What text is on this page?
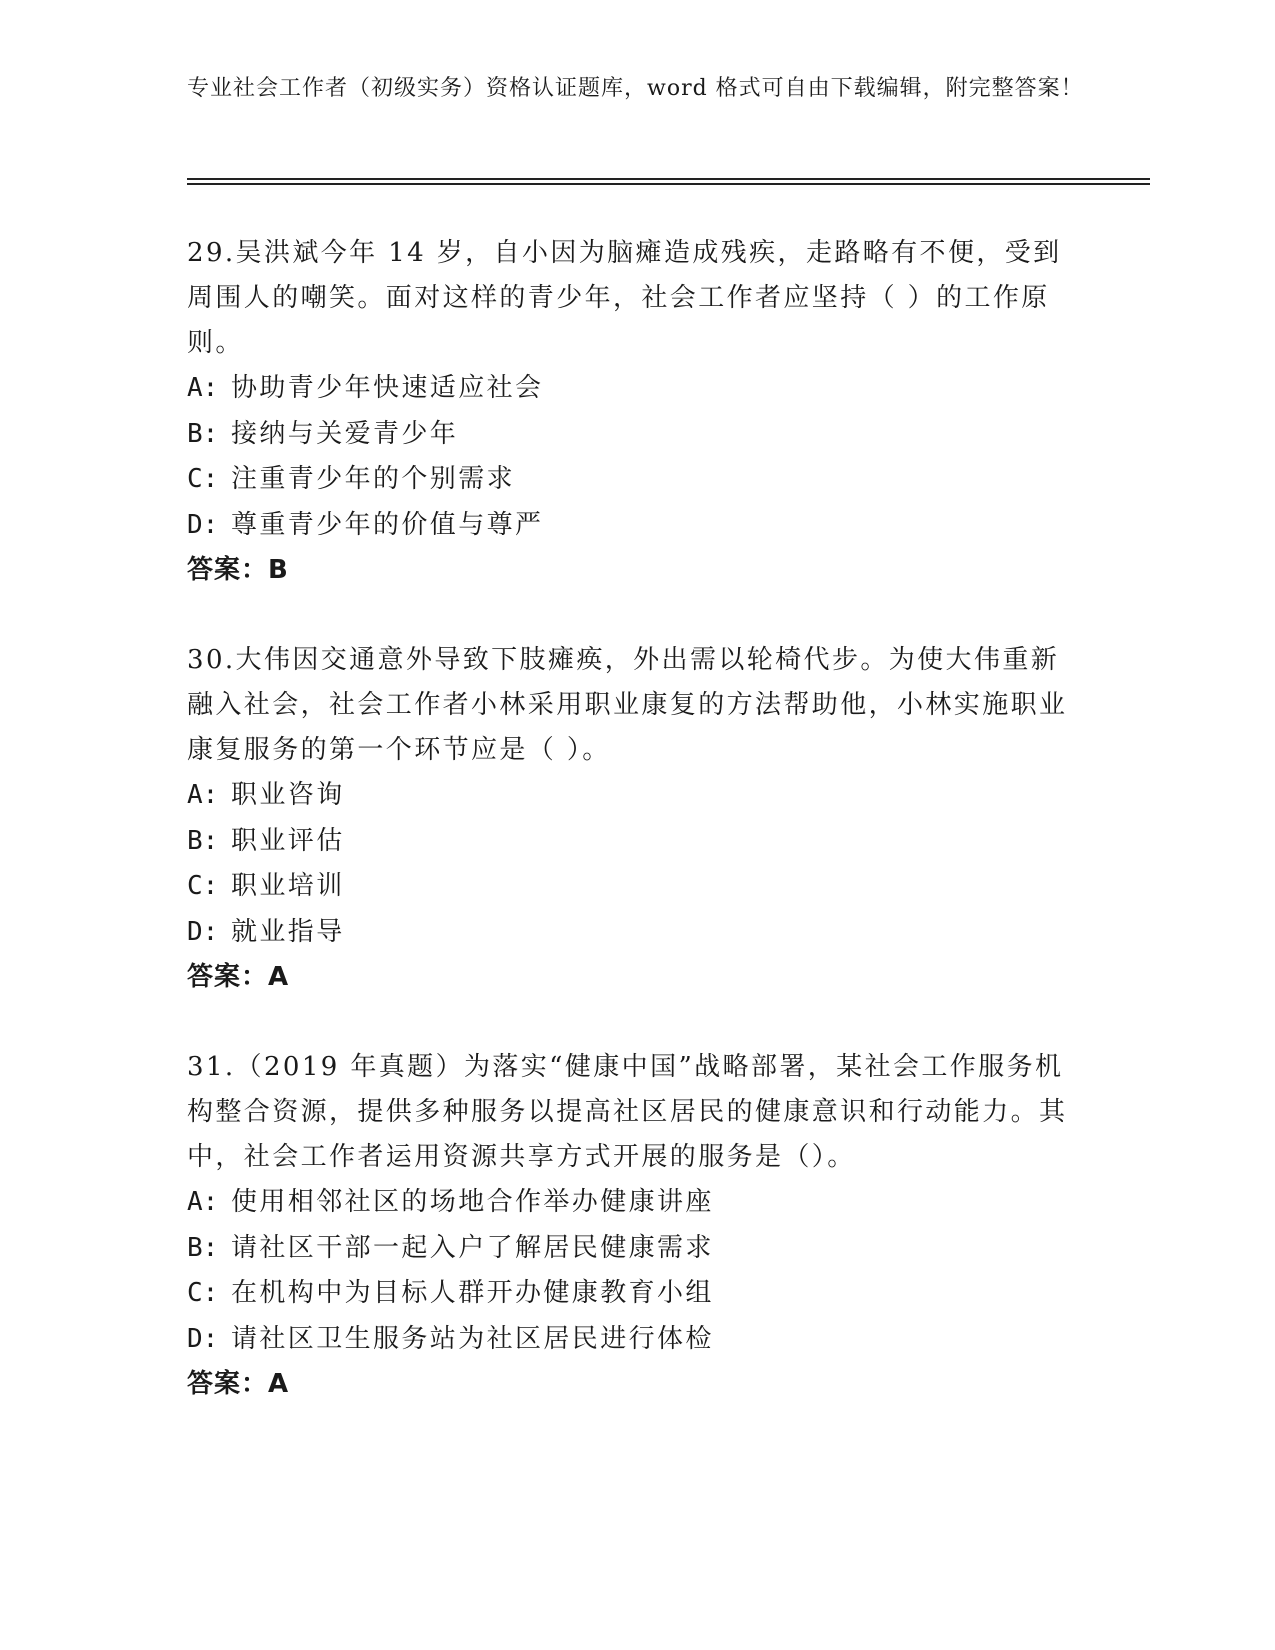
专业社会工作者（初级实务）资格认证题库，word 格式可自由下载编辑，附完整答案！

29.吴洪斌今年 14 岁，自小因为脑瘫造成残疾，走路略有不便，受到周围人的嘲笑。面对这样的青少年，社会工作者应坚持（ ）的工作原则。

A: 协助青少年快速适应社会

B: 接纳与关爱青少年

C: 注重青少年的个别需求

D: 尊重青少年的价值与尊严

答案：B

30.大伟因交通意外导致下肢瘫痪，外出需以轮椅代步。为使大伟重新融入社会，社会工作者小林采用职业康复的方法帮助他，小林实施职业康复服务的第一个环节应是（ ）。

A: 职业咨询

B: 职业评估

C: 职业培训

D: 就业指导

答案：A

31.（2019 年真题）为落实“健康中国”战略部署，某社会工作服务机构整合资源，提供多种服务以提高社区居民的健康意识和行动能力。其中，社会工作者运用资源共享方式开展的服务是（）。

A: 使用相邻社区的场地合作举办健康讲座

B: 请社区干部一起入户了解居民健康需求

C: 在机构中为目标人群开办健康教育小组

D: 请社区卫生服务站为社区居民进行体检

答案：A
